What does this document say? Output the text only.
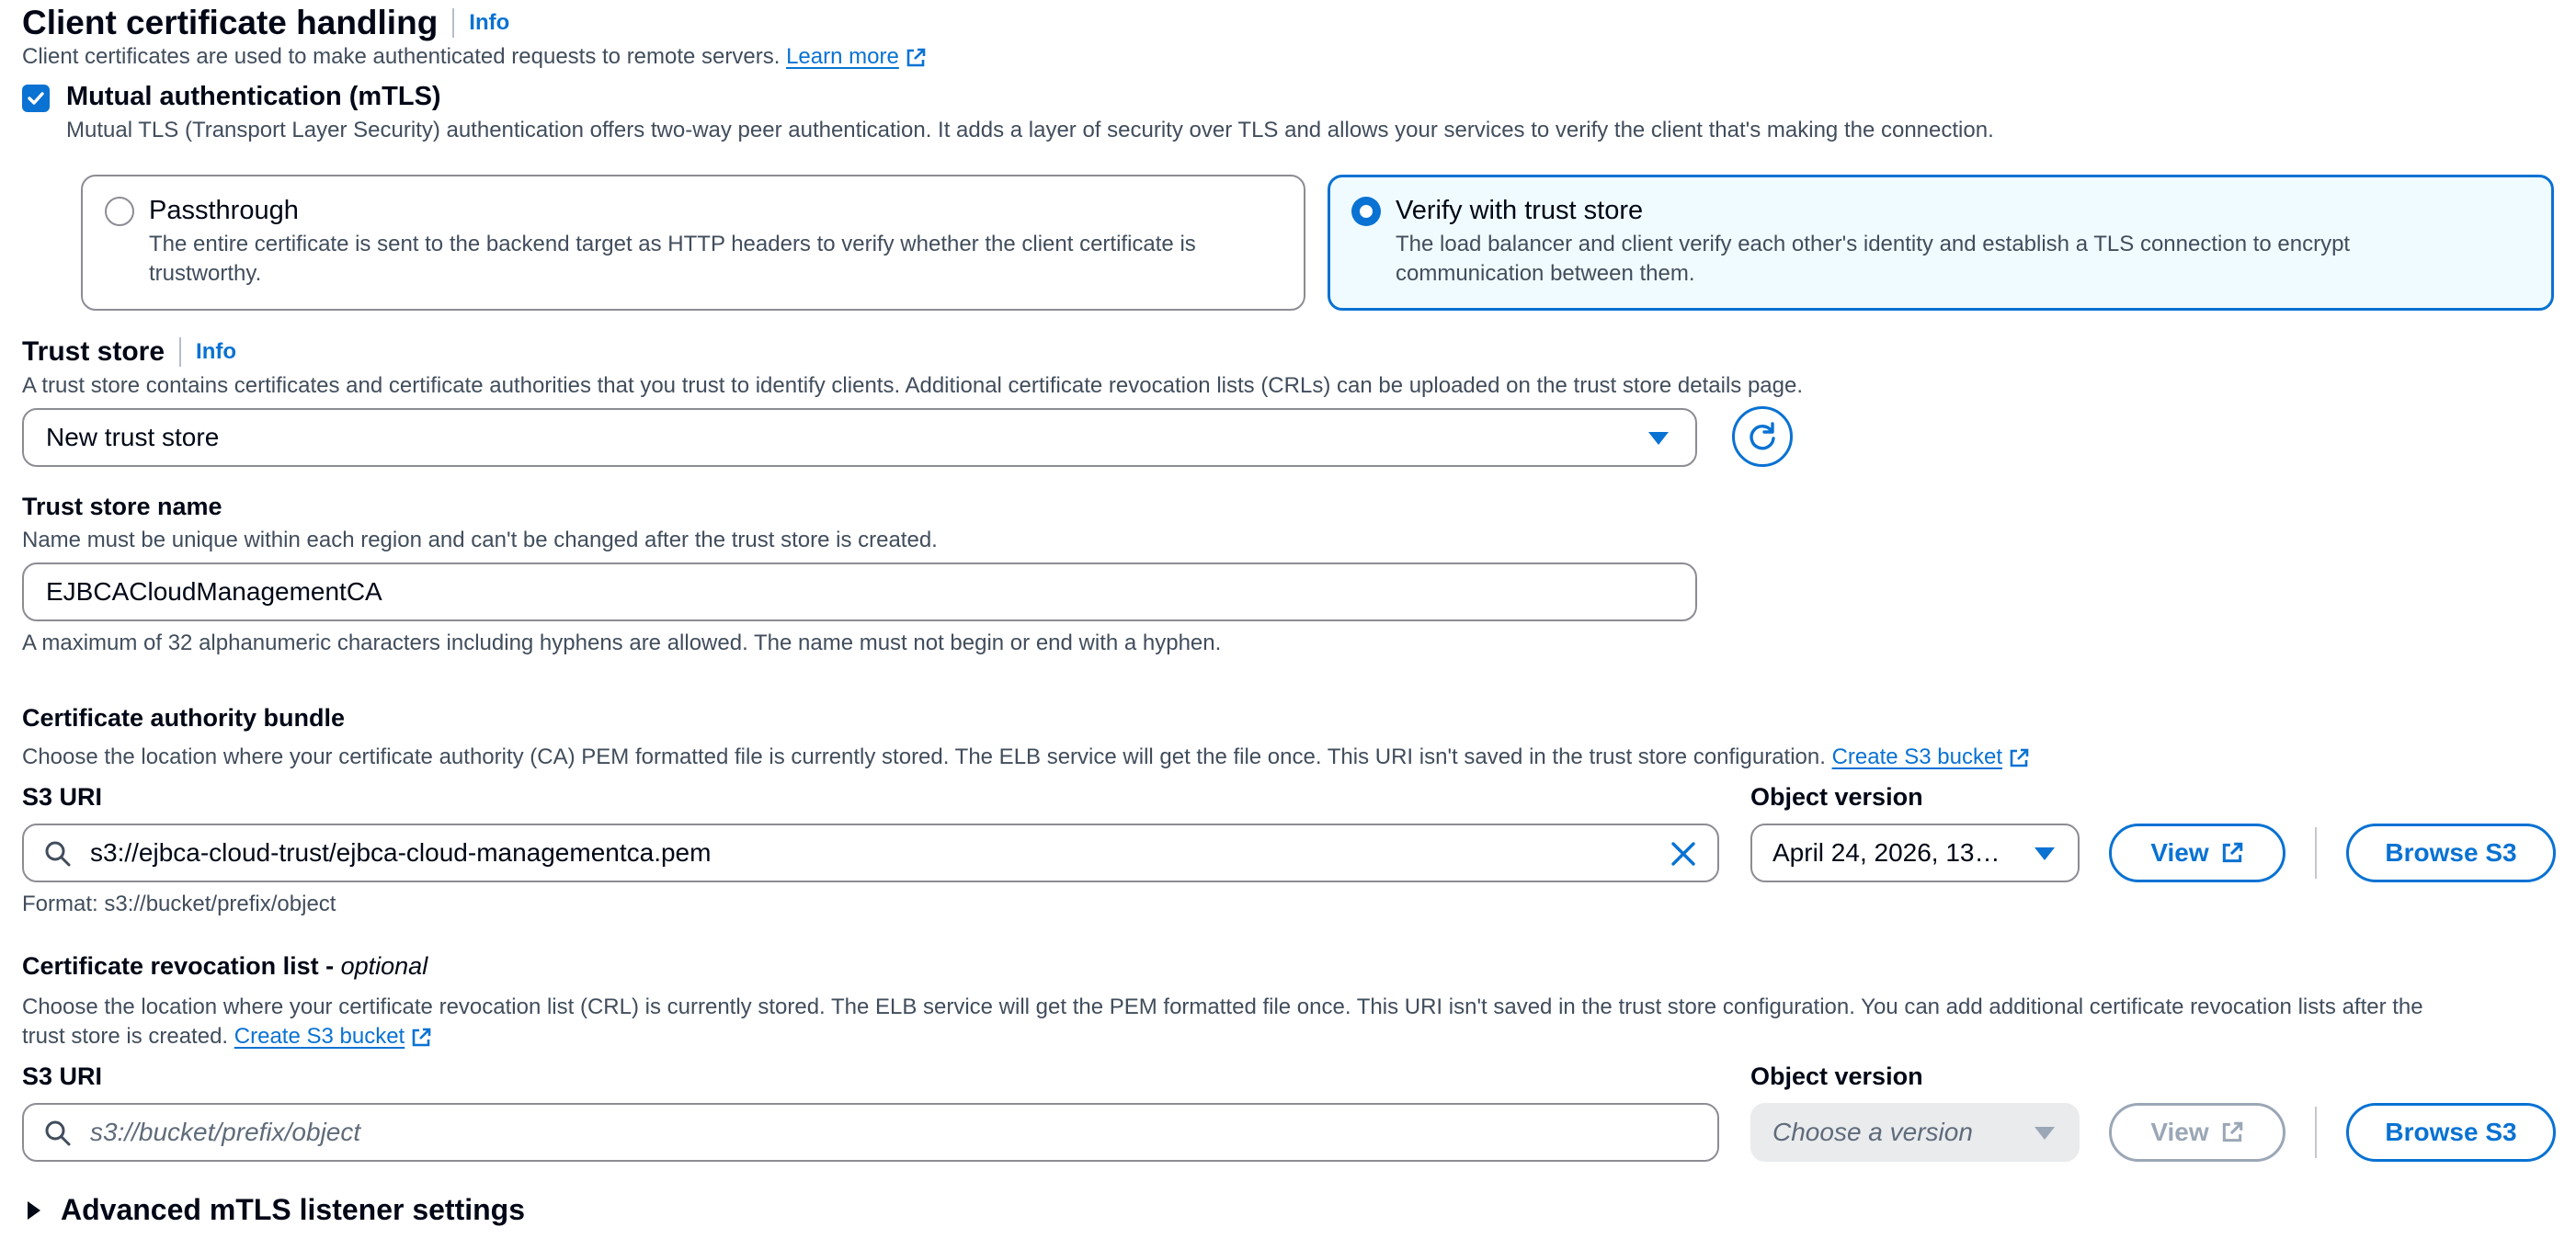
Client certificate handling Info
Client certificates are used to make authenticated requests to remote servers. Learn more
Mutual authentication (mTLS)
Mutual TLS (Transport Layer Security) authentication offers two-way peer authentication. It adds a layer of security over TLS and allows your services to verify the client that's making the connection.
Passthrough
The entire certificate is sent to the backend target as HTTP headers to verify whether the client certificate is trustworthy.
Verify with trust store
The load balancer and client verify each other's identity and establish a TLS connection to encrypt communication between them.
Trust store Info
A trust store contains certificates and certificate authorities that you trust to identify clients. Additional certificate revocation lists (CRLs) can be uploaded on the trust store details page.
New trust store
Trust store name
Name must be unique within each region and can't be changed after the trust store is created.
EJBCACloudManagementCA
A maximum of 32 alphanumeric characters including hyphens are allowed. The name must not begin or end with a hyphen.
Certificate authority bundle
Choose the location where your certificate authority (CA) PEM formatted file is currently stored. The ELB service will get the file once. This URI isn't saved in the trust store configuration. Create S3 bucket
S3 URI	Object version
s3://ejbca-cloud-trust/ejbca-cloud-managementca.pem	April 24, 2026, 13…	View	Browse S3
Format: s3://bucket/prefix/object
Certificate revocation list - optional
Choose the location where your certificate revocation list (CRL) is currently stored. The ELB service will get the PEM formatted file once. This URI isn't saved in the trust store configuration. You can add additional certificate revocation lists after the
trust store is created. Create S3 bucket
S3 URI	Object version
s3://bucket/prefix/object	Choose a version	View	Browse S3
Advanced mTLS listener settings
